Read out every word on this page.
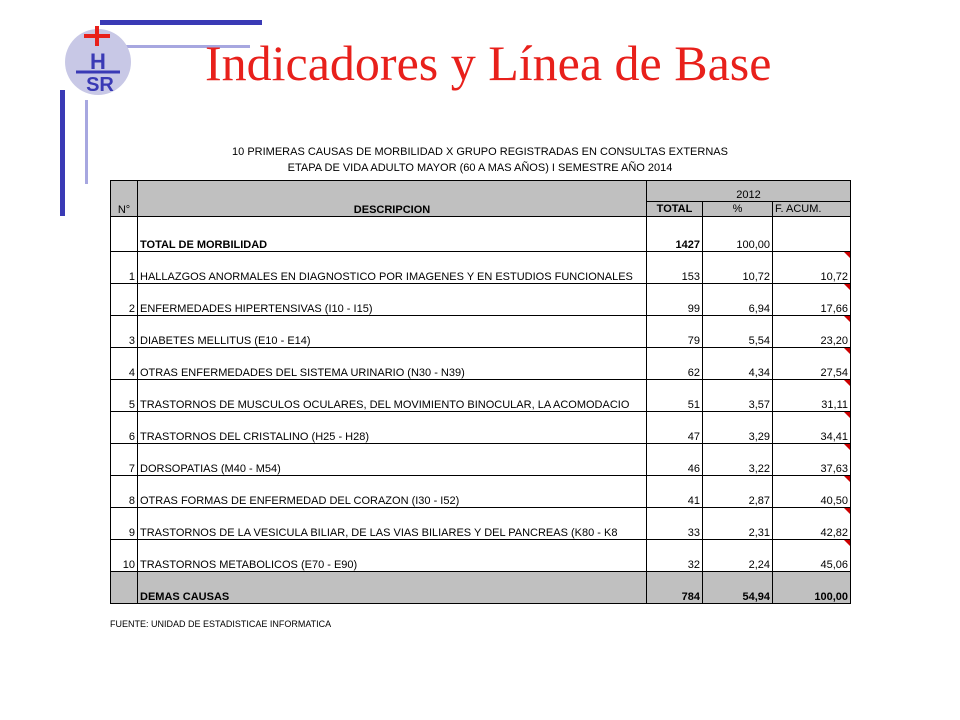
H
SR Indicadores y Línea de Base
10 PRIMERAS CAUSAS DE MORBILIDAD X GRUPO REGISTRADAS EN CONSULTAS EXTERNAS
ETAPA DE VIDA ADULTO MAYOR (60 A MAS AÑOS) I SEMESTRE AÑO 2014
N°	DESCRIPCION	2012		
		TOTAL	%	F. ACUM.
	TOTAL DE MORBILIDAD	1427	100,00	
1	HALLAZGOS ANORMALES EN DIAGNOSTICO POR IMAGENES Y EN ESTUDIOS FUNCIONALES	153	10,72	10,72

2	ENFERMEDADES HIPERTENSIVAS (I10 - I15)	99	6,94	17,66

3	DIABETES MELLITUS (E10 - E14)	79	5,54	23,20

4	OTRAS ENFERMEDADES DEL SISTEMA URINARIO (N30 - N39)	62	4,34	27,54

5	TRASTORNOS DE MUSCULOS OCULARES, DEL MOVIMIENTO BINOCULAR, LA ACOMODACIO	51	3,57	31,11

6	TRASTORNOS DEL CRISTALINO (H25 - H28)	47	3,29	34,41

7	DORSOPATIAS (M40 - M54)	46	3,22	37,63

8	OTRAS FORMAS DE ENFERMEDAD DEL CORAZON (I30 - I52)	41	2,87	40,50

9	TRASTORNOS DE LA VESICULA BILIAR, DE LAS VIAS BILIARES Y DEL PANCREAS (K80 - K8	33	2,31	42,82

10	TRASTORNOS METABOLICOS (E70 - E90)	32	2,24	45,06

	DEMAS CAUSAS	784	54,94	100,00
FUENTE: UNIDAD DE ESTADISTICAE INFORMATICA
